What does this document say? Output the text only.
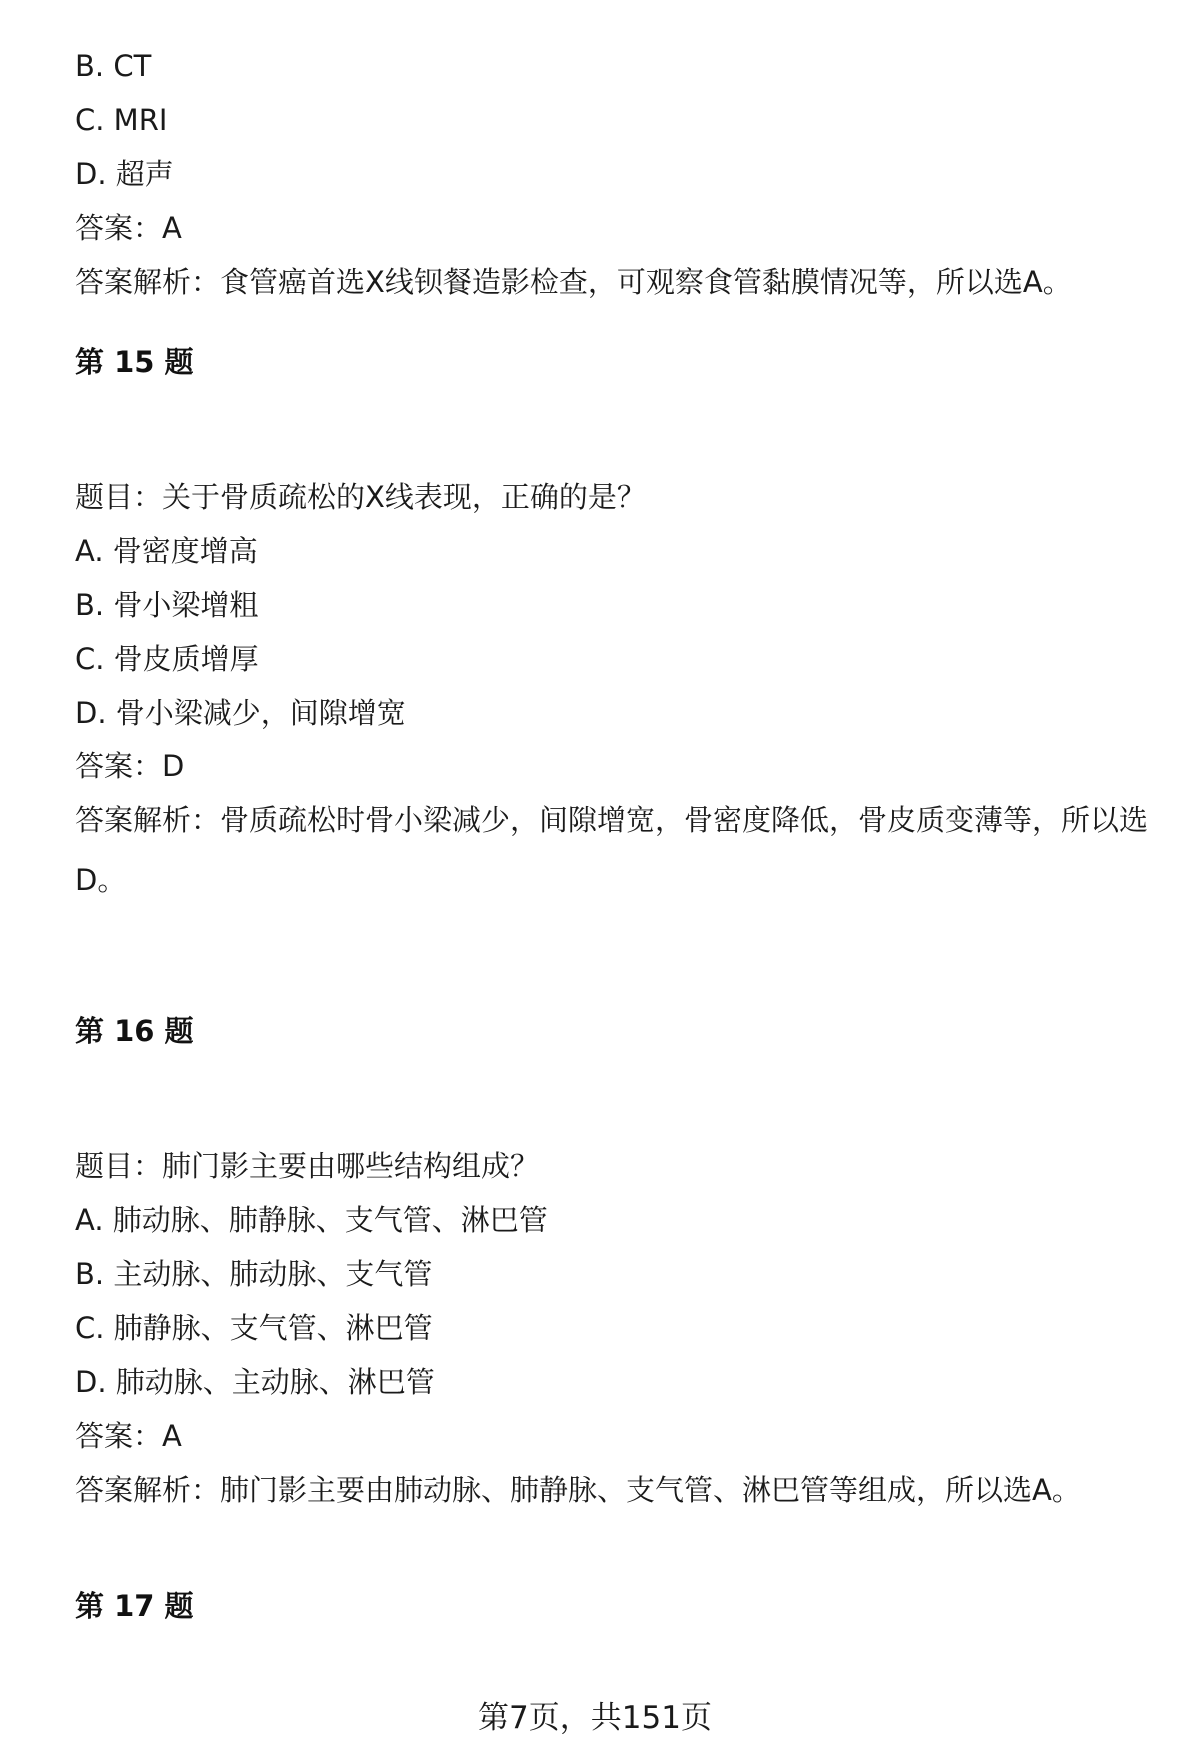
B. CT
C. MRI
D. 超声
答案：A
答案解析：食管癌首选X线钡餐造影检查，可观察食管黏膜情况等，所以选A。
第 15 题
题目：关于骨质疏松的X线表现，正确的是？
A. 骨密度增高
B. 骨小梁增粗
C. 骨皮质增厚
D. 骨小梁减少，间隙增宽
答案：D
答案解析：骨质疏松时骨小梁减少，间隙增宽，骨密度降低，骨皮质变薄等，所以选D。
第 16 题
题目：肺门影主要由哪些结构组成？
A. 肺动脉、肺静脉、支气管、淋巴管
B. 主动脉、肺动脉、支气管
C. 肺静脉、支气管、淋巴管
D. 肺动脉、主动脉、淋巴管
答案：A
答案解析：肺门影主要由肺动脉、肺静脉、支气管、淋巴管等组成，所以选A。
第 17 题
第7页，共151页
